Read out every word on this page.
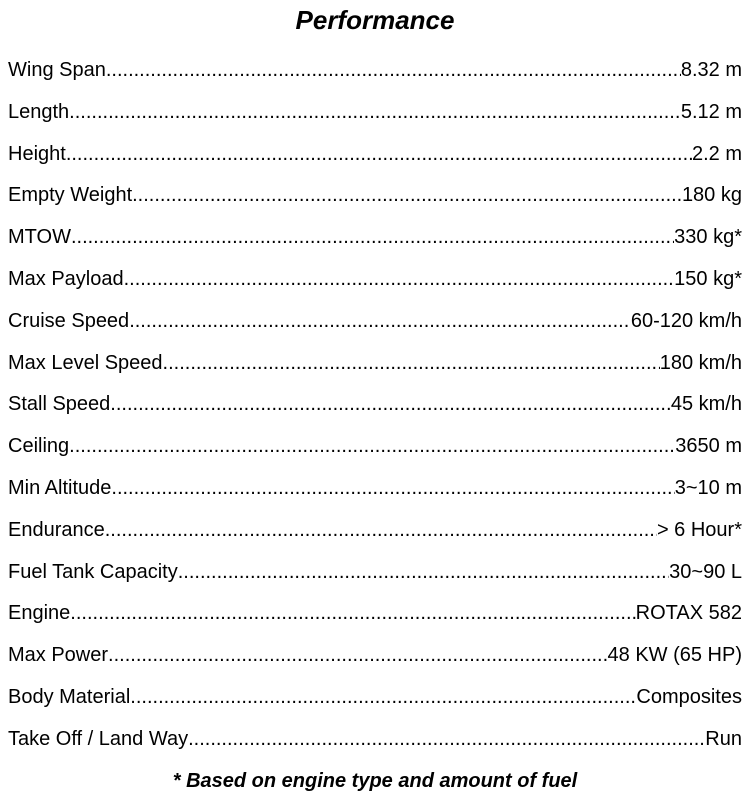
Performance
Wing Span .....	8.32 m
Length .....	5.12 m
Height .....	2.2 m
Empty Weight .....	180 kg
MTOW .....	330 kg*
Max Payload .....	150 kg*
Cruise Speed .....	60-120 km/h
Max Level Speed .....	180 km/h
Stall Speed .....	45 km/h
Ceiling .....	3650 m
Min Altitude .....	3~10 m
Endurance .....	> 6 Hour*
Fuel Tank Capacity .....	30~90 L
Engine .....	ROTAX 582
Max Power .....	48 KW (65 HP)
Body Material .....	Composites
Take Off / Land Way .....	Run
* Based on engine type and amount of fuel
